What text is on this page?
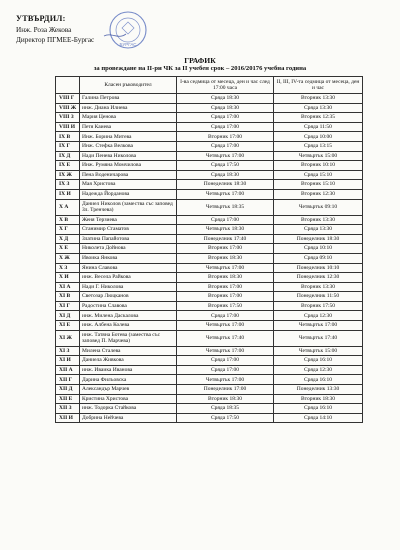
УТВЪРДИЛ:
Инж. Роза Жекова
Директор ПГМЕЕ-Бургас
БУРГАС
ГРАФИК
за провеждане на II-ри ЧК за II учебен срок – 2016/20176 учебна година
	Класен ръководител	I-ва седмица от месеца, ден и час след 17:00 часа	II, III, IV-та седмица от месеца, ден и час
VIII Г	Галина Петрова	Сряда 18:30	Вторник 13:30
VIII Ж	инж. Диана Илиева	Сряда 18:30	Сряда 13:30
VIII З	Мария Ценова	Сряда 17:00	Вторник 12:35
VIII И	Петя Каиева	Сряда 17:00	Сряда 11:50
IX В	Инж. Борина Митева	Вторник 17:00	Сряда 10:00
IX Г	Инж. Стефка Велкова	Сряда 17:00	Сряда 13:15
IX Д	Нади Пенева Николова	Четвъртък 17:00	Четвъртък 15:00
IX Е	Инж. Румяна Момчилова	Сряда 17:50	Вторник 10:10
IX Ж	Пена Воденичарова	Сряда 18:30	Сряда 15:10
IX З	Мая Христова	Понеделник 18:30	Вторник 15:10
IX И	Надежда Йорданова	Четвъртък 17:00	Вторник 12:30
X А	Даниел Николов (замества със заповед Зл. Тренчева)	Четвъртък 18:35	Четвъртък 09:10
X В	Женя Терзиева	Сряда 17:00	Вторник 13:30
X Г	Станимир Стаматов	Четвъртък 18:30	Сряда 13:30
X Д	Златина Папайотова	Понеделник 17:40	Понеделник 18:30
X Е	Николета Дойнова	Вторник 17:00	Сряда 10:10
X Ж	Ивоика Янкова	Вторник 18:30	Сряда 09:10
X З	Янина Славова	Четвъртък 17:00	Понеделник 10:10
X И	инж. Весела Райкова	Вторник 18:30	Понеделник 12:30
XI А	Нади Г. Николова	Вторник 17:00	Вторник 13:30
XI В	Светозар Люцканов	Вторник 17:00	Понеделник 11:50
XI Г	Радостина Славова	Вторник 17:50	Вторник 17:50
XI Д	инж. Милена Даскалова	Сряда 17:00	Сряда 12:30
XI Е	инж. Албена Колева	Четвъртък 17:00	Четвъртък 17:00
XI Ж	инж. Татяна Ботева (замества със заповед П. Марчева)	Четвъртък 17:40	Четвъртък 17:40
XI З	Милена Сталева	Четвъртък 17:00	Четвъртък 15:00
XI И	Даниела Живкова	Сряда 17:00	Сряда 16:10
XII А	инж. Иваика Иванова	Сряда 17:00	Сряда 12:30
XII Г	Дарина Филъовска	Четвъртък 17:00	Сряда 16:10
XII Д	Александър Марчев	Понеделник 17:00	Понеделник 13:30
XII Е	Кристина Христова	Вторник 18:30	Вторник 18:30
XII З	инж. Тодорка Стайкова	Сряда 18:35	Сряда 16:10
XII И	Добрина Нейчева	Сряда 17:50	Сряда 14:10
